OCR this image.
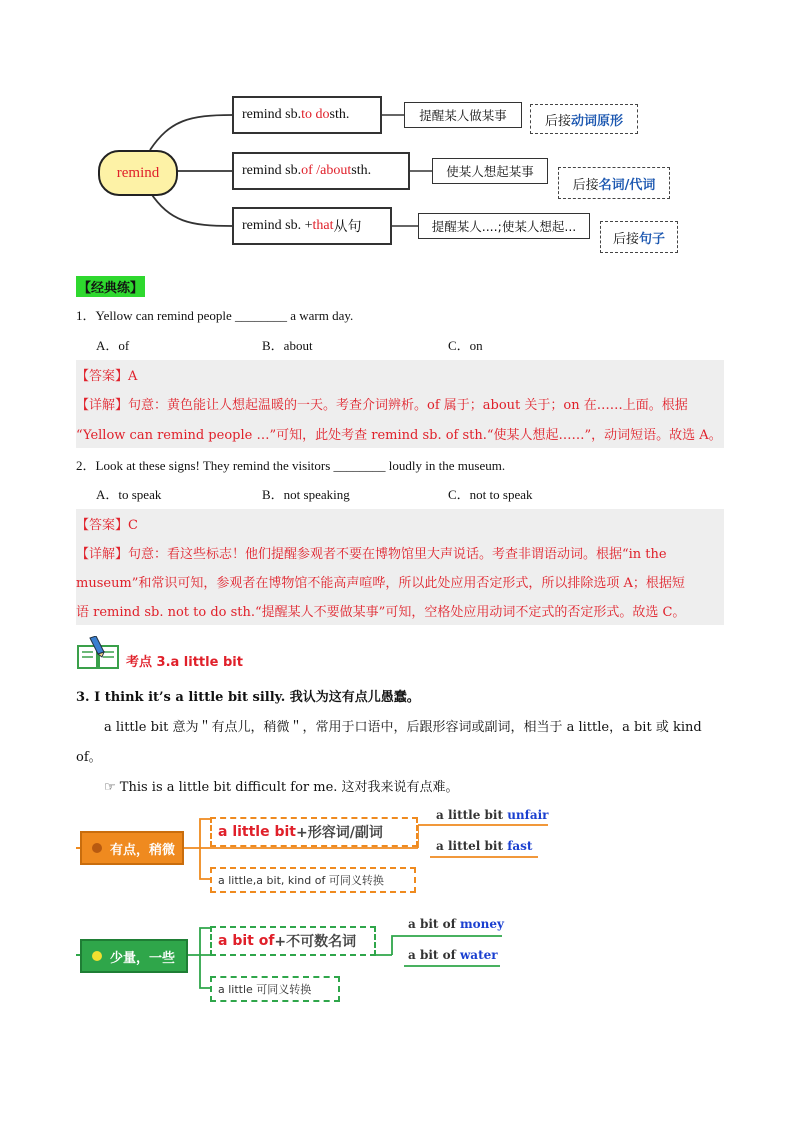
remind
remind sb. to do sth.
remind sb. of /about sth.
remind sb. + that 从句
提醒某人做某事
使某人想起某事
提醒某人....;使某人想起...
后接 动词原形
后接 名词/代词
后接 句子
【经典练】
1．Yellow can remind people ________ a warm day.
A．of	B．about	C．on
【答案】A
【详解】句意：黄色能让人想起温暖的一天。考查介词辨析。of 属于；about 关于；on 在……上面。根据
“Yellow can remind people …”可知，此处考查 remind sb. of sth.“使某人想起……”，动词短语。故选 A。
2．Look at these signs! They remind the visitors ________ loudly in the museum.
A．to speak	B．not speaking	C．not to speak
【答案】C
【详解】句意：看这些标志！他们提醒参观者不要在博物馆里大声说话。考查非谓语动词。根据“in the
museum”和常识可知，参观者在博物馆不能高声喧哗，所以此处应用否定形式，所以排除选项 A；根据短
语 remind sb. not to do sth.“提醒某人不要做某事”可知，空格处应用动词不定式的否定形式。故选 C。
考点 3.a little bit
3. I think it’s a little bit silly. 我认为这有点儿愚蠢。
a little bit 意为＂有点儿，稍微＂，常用于口语中，后跟形容词或副词，相当于 a little，a bit 或 kind
of。
☞ This is a little bit difficult for me. 这对我来说有点难。
有点，稍微
a little bit +形容词/副词
a little bit unfair
a littel bit fast
a little,a bit, kind of 可同义转换
少量，一些
a bit of +不可数名词
a bit of money
a bit of water
a little 可同义转换
